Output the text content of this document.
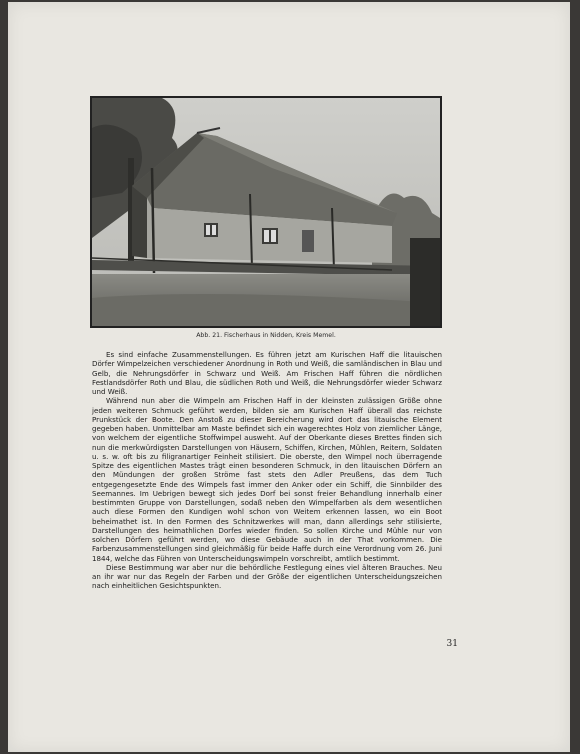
Abb. 21. Fischerhaus in Nidden, Kreis Memel.

Es sind einfache Zusammenstellungen. Es führen jetzt am Kurischen Haff die litauischen Dörfer Wimpelzeichen verschiedener Anordnung in Roth und Weiß, die samländischen in Blau und Gelb, die Nehrungsdörfer in Schwarz und Weiß. Am Frischen Haff führen die nördlichen Festlandsdörfer Roth und Blau, die südlichen Roth und Weiß, die Nehrungsdörfer wieder Schwarz und Weiß.

Während nun aber die Wimpeln am Frischen Haff in der kleinsten zulässigen Größe ohne jeden weiteren Schmuck geführt werden, bilden sie am Kurischen Haff überall das reichste Prunkstück der Boote. Den Anstoß zu dieser Bereicherung wird dort das litauische Element gegeben haben. Unmittelbar am Maste befindet sich ein wagerechtes Holz von ziemlicher Länge, von welchem der eigentliche Stoffwimpel ausweht. Auf der Oberkante dieses Brettes finden sich nun die merkwürdigsten Darstellungen von Häusern, Schiffen, Kirchen, Mühlen, Reitern, Soldaten u. s. w. oft bis zu filigranartiger Feinheit stilisiert. Die oberste, den Wimpel noch überragende Spitze des eigentlichen Mastes trägt einen besonderen Schmuck, in den litauischen Dörfern an den Mündungen der großen Ströme fast stets den Adler Preußens, das dem Tuch entgegengesetzte Ende des Wimpels fast immer den Anker oder ein Schiff, die Sinnbilder des Seemannes. Im Uebrigen bewegt sich jedes Dorf bei sonst freier Behandlung innerhalb einer bestimmten Gruppe von Darstellungen, sodaß neben den Wimpelfarben als dem wesentlichen auch diese Formen den Kundigen wohl schon von Weitem erkennen lassen, wo ein Boot beheimathet ist. In den Formen des Schnitzwerkes will man, dann allerdings sehr stilisierte, Darstellungen des heimathlichen Dorfes wieder finden. So sollen Kirche und Mühle nur von solchen Dörfern geführt werden, wo diese Gebäude auch in der That vorkommen. Die Farbenzusammenstellungen sind gleichmäßig für beide Haffe durch eine Verordnung vom 26. Juni 1844, welche das Führen von Unterscheidungswimpeln vorschreibt, amtlich bestimmt.

Diese Bestimmung war aber nur die behördliche Festlegung eines viel älteren Brauches. Neu an ihr war nur das Regeln der Farben und der Größe der eigentlichen Unterscheidungszeichen nach einheitlichen Gesichtspunkten.

31
